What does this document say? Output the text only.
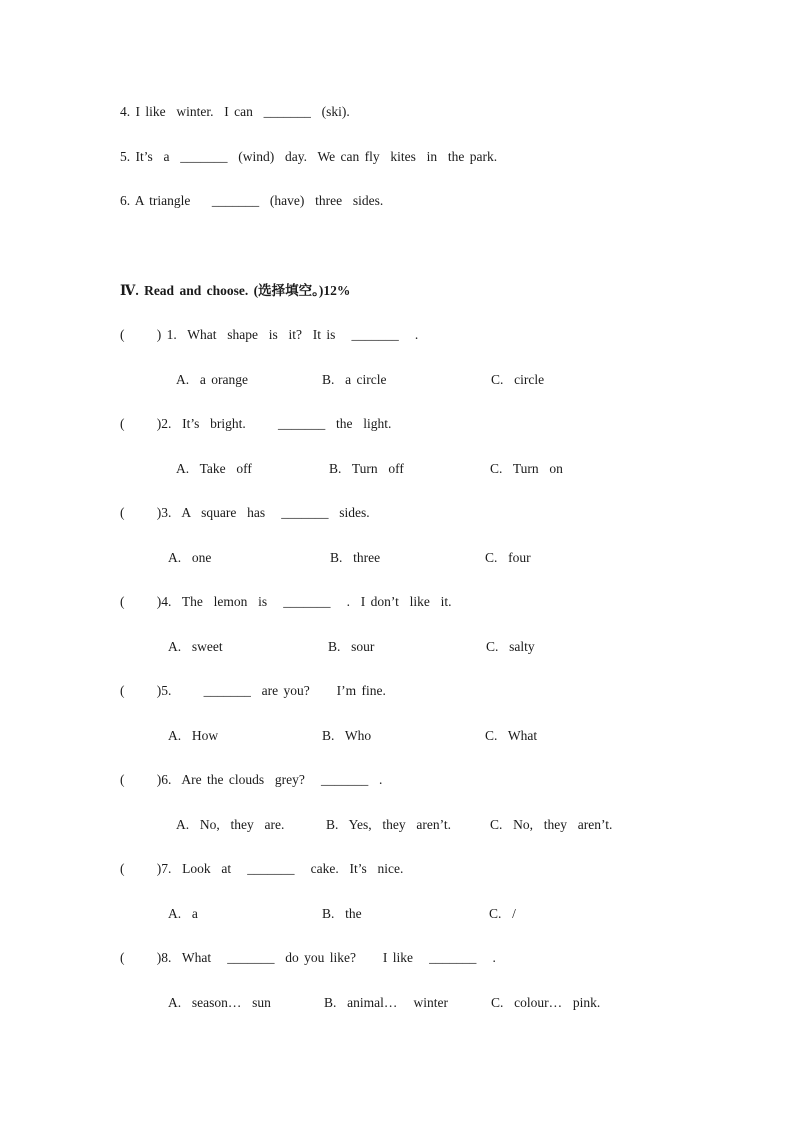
4. I like  winter.  I can  _______  (ski).
5. It’s  a  _______  (wind)  day.  We can fly  kites  in  the park.
6. A triangle    _______  (have)  three  sides.
Ⅳ. Read and choose. (选择填空。)12%
(      ) 1.  What  shape  is  it?  It is   _______   .
A.  a orange	B.  a circle	C.  circle
(      )2.  It’s  bright.      _______  the  light.
A.  Take  off	B.  Turn  off	C.  Turn  on
(      )3.  A  square  has   _______  sides.
A.  one	B.  three	C.  four
(      )4.  The  lemon  is   _______   .  I don’t  like  it.
A.  sweet	B.  sour	C.  salty
(      )5.      _______  are you?     I’m fine.
A.  How	B.  Who	C.  What
(      )6.  Are the clouds  grey?   _______  .
A.  No,  they  are.	B.  Yes,  they  aren’t.	C.  No,  they  aren’t.
(      )7.  Look  at   _______   cake.  It’s  nice.
A.  a	B.  the	C.  /
(      )8.  What   _______  do you like?     I like   _______   .
A.  season…  sun	B.  animal…   winter	C.  colour…  pink.
